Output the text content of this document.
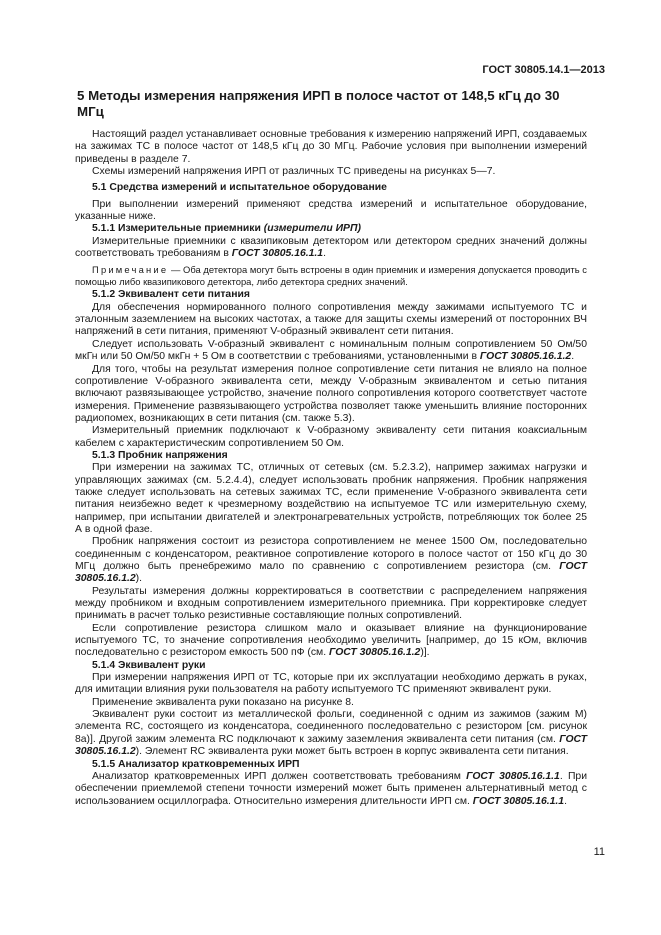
ГОСТ 30805.14.1—2013
5 Методы измерения напряжения ИРП в полосе частот от 148,5 кГц до 30 МГц

Настоящий раздел устанавливает основные требования к измерению напряжений ИРП, создаваемых на зажимах ТС в полосе частот от 148,5 кГц до 30 МГц. Рабочие условия при выполнении измерений приведены в разделе 7.

Схемы измерений напряжения ИРП от различных ТС приведены на рисунках 5—7.

5.1 Средства измерений и испытательное оборудование

При выполнении измерений применяют средства измерений и испытательное оборудование, указанные ниже.

5.1.1 Измерительные приемники (измерители ИРП)

Измерительные приемники с квазипиковым детектором или детектором средних значений должны соответствовать требованиям в ГОСТ 30805.16.1.1.

Примечание — Оба детектора могут быть встроены в один приемник и измерения допускается проводить с помощью либо квазипикового детектора, либо детектора средних значений.

5.1.2 Эквивалент сети питания

Для обеспечения нормированного полного сопротивления между зажимами испытуемого ТС и эталонным заземлением на высоких частотах, а также для защиты схемы измерений от посторонних ВЧ напряжений в сети питания, применяют V-образный эквивалент сети питания.

Следует использовать V-образный эквивалент с номинальным полным сопротивлением 50 Ом/50 мкГн или 50 Ом/50 мкГн + 5 Ом в соответствии с требованиями, установленными в ГОСТ 30805.16.1.2.

Для того, чтобы на результат измерения полное сопротивление сети питания не влияло на полное сопротивление V-образного эквивалента сети, между V-образным эквивалентом и сетью питания включают развязывающее устройство, значение полного сопротивления которого соответствует частоте измерения. Применение развязывающего устройства позволяет также уменьшить влияние посторонних радиопомех, возникающих в сети питания (см. также 5.3).

Измерительный приемник подключают к V-образному эквиваленту сети питания коаксиальным кабелем с характеристическим сопротивлением 50 Ом.

5.1.3 Пробник напряжения

При измерении на зажимах ТС, отличных от сетевых (см. 5.2.3.2), например зажимах нагрузки и управляющих зажимах (см. 5.2.4.4), следует использовать пробник напряжения. Пробник напряжения также следует использовать на сетевых зажимах ТС, если применение V-образного эквивалента сети питания неизбежно ведет к чрезмерному воздействию на испытуемое ТС или измерительную схему, например, при испытании двигателей и электронагревательных устройств, потребляющих ток более 25 А в одной фазе.

Пробник напряжения состоит из резистора сопротивлением не менее 1500 Ом, последовательно соединенным с конденсатором, реактивное сопротивление которого в полосе частот от 150 кГц до 30 МГц должно быть пренебрежимо мало по сравнению с сопротивлением резистора (см. ГОСТ 30805.16.1.2).

Результаты измерения должны корректироваться в соответствии с распределением напряжения между пробником и входным сопротивлением измерительного приемника. При корректировке следует принимать в расчет только резистивные составляющие полных сопротивлений.

Если сопротивление резистора слишком мало и оказывает влияние на функционирование испытуемого ТС, то значение сопротивления необходимо увеличить [например, до 15 кОм, включив последовательно с резистором емкость 500 пФ (см. ГОСТ 30805.16.1.2)].

5.1.4 Эквивалент руки

При измерении напряжения ИРП от ТС, которые при их эксплуатации необходимо держать в руках, для имитации влияния руки пользователя на работу испытуемого ТС применяют эквивалент руки.

Применение эквивалента руки показано на рисунке 8.

Эквивалент руки состоит из металлической фольги, соединенной с одним из зажимов (зажим M) элемента RC, состоящего из конденсатора, соединенного последовательно с резистором [см. рисунок 8а)]. Другой зажим элемента RC подключают к зажиму заземления эквивалента сети питания (см. ГОСТ 30805.16.1.2). Элемент RC эквивалента руки может быть встроен в корпус эквивалента сети питания.

5.1.5 Анализатор кратковременных ИРП

Анализатор кратковременных ИРП должен соответствовать требованиям ГОСТ 30805.16.1.1. При обеспечении приемлемой степени точности измерений может быть применен альтернативный метод с использованием осциллографа. Относительно измерения длительности ИРП см. ГОСТ 30805.16.1.1.

11
